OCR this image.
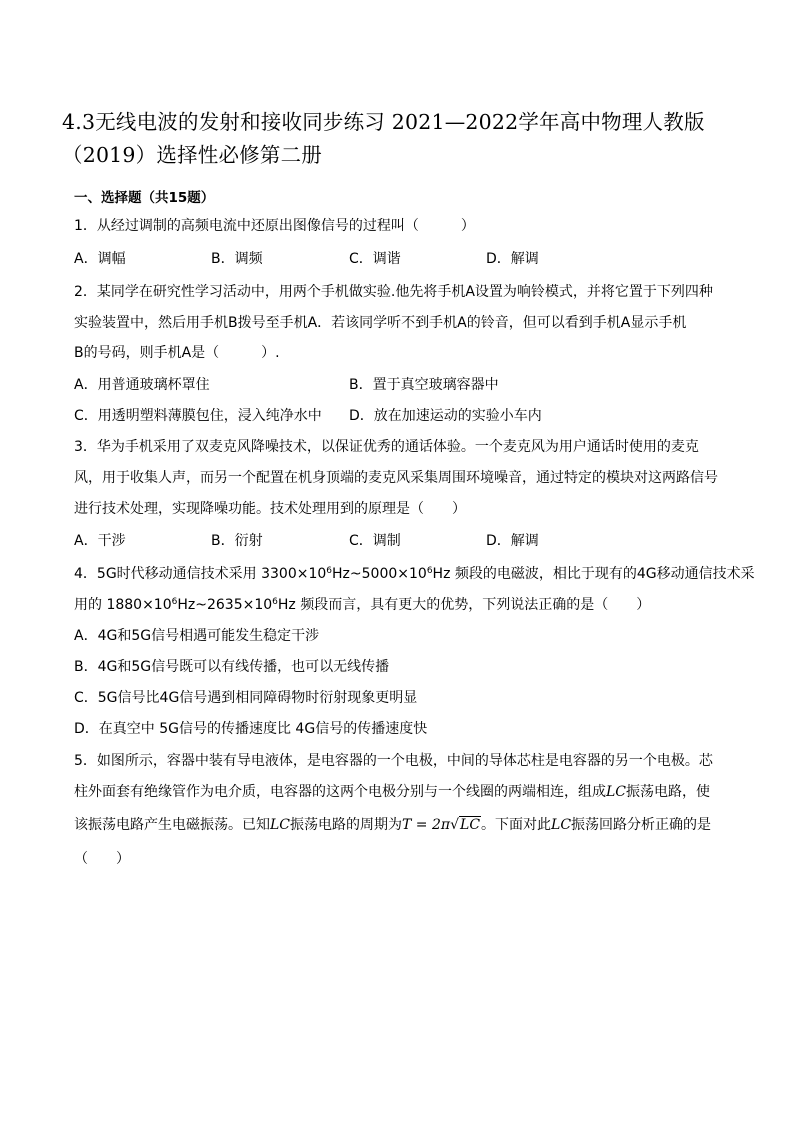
4.3无线电波的发射和接收同步练习 2021—2022学年高中物理人教版
（2019）选择性必修第二册
一、选择题（共15题）
1．从经过调制的高频电流中还原出图像信号的过程叫（　　　）
A．调幅	B．调频	C．调谐	D．解调
2．某同学在研究性学习活动中，用两个手机做实验.他先将手机A设置为响铃模式，并将它置于下列四种
实验装置中，然后用手机B拨号至手机A．若该同学听不到手机A的铃音，但可以看到手机A显示手机
B的号码，则手机A是（　　　）.
A．用普通玻璃杯罩住	B．置于真空玻璃容器中
C．用透明塑料薄膜包住，浸入纯净水中 D．放在加速运动的实验小车内
3．华为手机采用了双麦克风降噪技术，以保证优秀的通话体验。一个麦克风为用户通话时使用的麦克
风，用于收集人声，而另一个配置在机身顶端的麦克风采集周围环境噪音，通过特定的模块对这两路信号
进行技术处理，实现降噪功能。技术处理用到的原理是（　　）
A．干涉	B．衍射	C．调制	D．解调
4．5G时代移动通信技术采用 $3300\times 10^6Hz\sim 5000\times 10^6Hz$ 频段的电磁波，相比于现有的4G移动通信技术采
用的 $1880\times 10^6Hz\sim 2635\times 10^6Hz$ 频段而言，具有更大的优势，下列说法正确的是（　　）
A．4G和5G信号相遇可能发生稳定干涉
B．4G和5G信号既可以有线传播，也可以无线传播
C．5G信号比4G信号遇到相同障碍物时衍射现象更明显
D．在真空中 5G信号的传播速度比 4G信号的传播速度快
5．如图所示，容器中装有导电液体，是电容器的一个电极，中间的导体芯柱是电容器的另一个电极。芯
柱外面套有绝缘管作为电介质，电容器的这两个电极分别与一个线圈的两端相连，组成LC振荡电路，使
该振荡电路产生电磁振荡。已知LC振荡电路的周期为T = 2π√LC。下面对此LC振荡回路分析正确的是
（　　）
